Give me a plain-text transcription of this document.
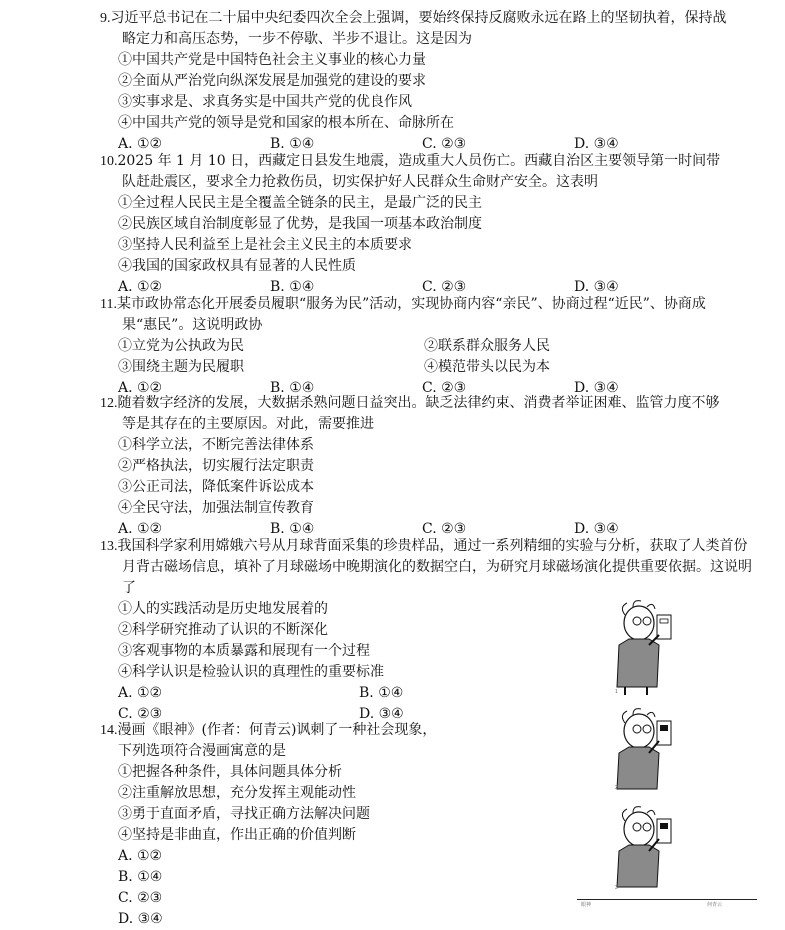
9.习近平总书记在二十届中央纪委四次全会上强调，要始终保持反腐败永远在路上的坚韧执着，保持战略定力和高压态势，一步不停歇、半步不退让。这是因为

①中国共产党是中国特色社会主义事业的核心力量

②全面从严治党向纵深发展是加强党的建设的要求

③实事求是、求真务实是中国共产党的优良作风

④中国共产党的领导是党和国家的根本所在、命脉所在

A. ①②	B. ①④	C. ②③	D. ③④

10.2025 年 1 月 10 日，西藏定日县发生地震，造成重大人员伤亡。西藏自治区主要领导第一时间带队赶赴震区，要求全力抢救伤员，切实保护好人民群众生命财产安全。这表明

①全过程人民民主是全覆盖全链条的民主，是最广泛的民主

②民族区域自治制度彰显了优势，是我国一项基本政治制度

③坚持人民利益至上是社会主义民主的本质要求

④我国的国家政权具有显著的人民性质

A. ①②	B. ①④	C. ②③	D. ③④

11.某市政协常态化开展委员履职“服务为民”活动，实现协商内容“亲民”、协商过程“近民”、协商成果“惠民”。这说明政协

①立党为公执政为民	②联系群众服务人民
③围绕主题为民履职	④模范带头以民为本
A. ①②	B. ①④	C. ②③	D. ③④

12.随着数字经济的发展，大数据杀熟问题日益突出。缺乏法律约束、消费者举证困难、监管力度不够等是其存在的主要原因。对此，需要推进

①科学立法，不断完善法律体系

②严格执法，切实履行法定职责

③公正司法，降低案件诉讼成本

④全民守法，加强法制宣传教育

A. ①②	B. ①④	C. ②③	D. ③④

13.我国科学家利用嫦娥六号从月球背面采集的珍贵样品，通过一系列精细的实验与分析，获取了人类首份月背古磁场信息，填补了月球磁场中晚期演化的数据空白，为研究月球磁场演化提供重要依据。这说明了

①人的实践活动是历史地发展着的

②科学研究推动了认识的不断深化

③客观事物的本质暴露和展现有一个过程

④科学认识是检验认识的真理性的重要标准

A. ①②	B. ①④
C. ②③	D. ③④

14.漫画《眼神》(作者：何青云)讽刺了一种社会现象，

下列选项符合漫画寓意的是

①把握各种条件，具体问题具体分析

②注重解放思想，充分发挥主观能动性

③勇于直面矛盾，寻找正确方法解决问题

④坚持是非曲直，作出正确的价值判断

A. ①②
B. ①④
C. ②③
D. ③④
1
2
3
眼神	何青云
